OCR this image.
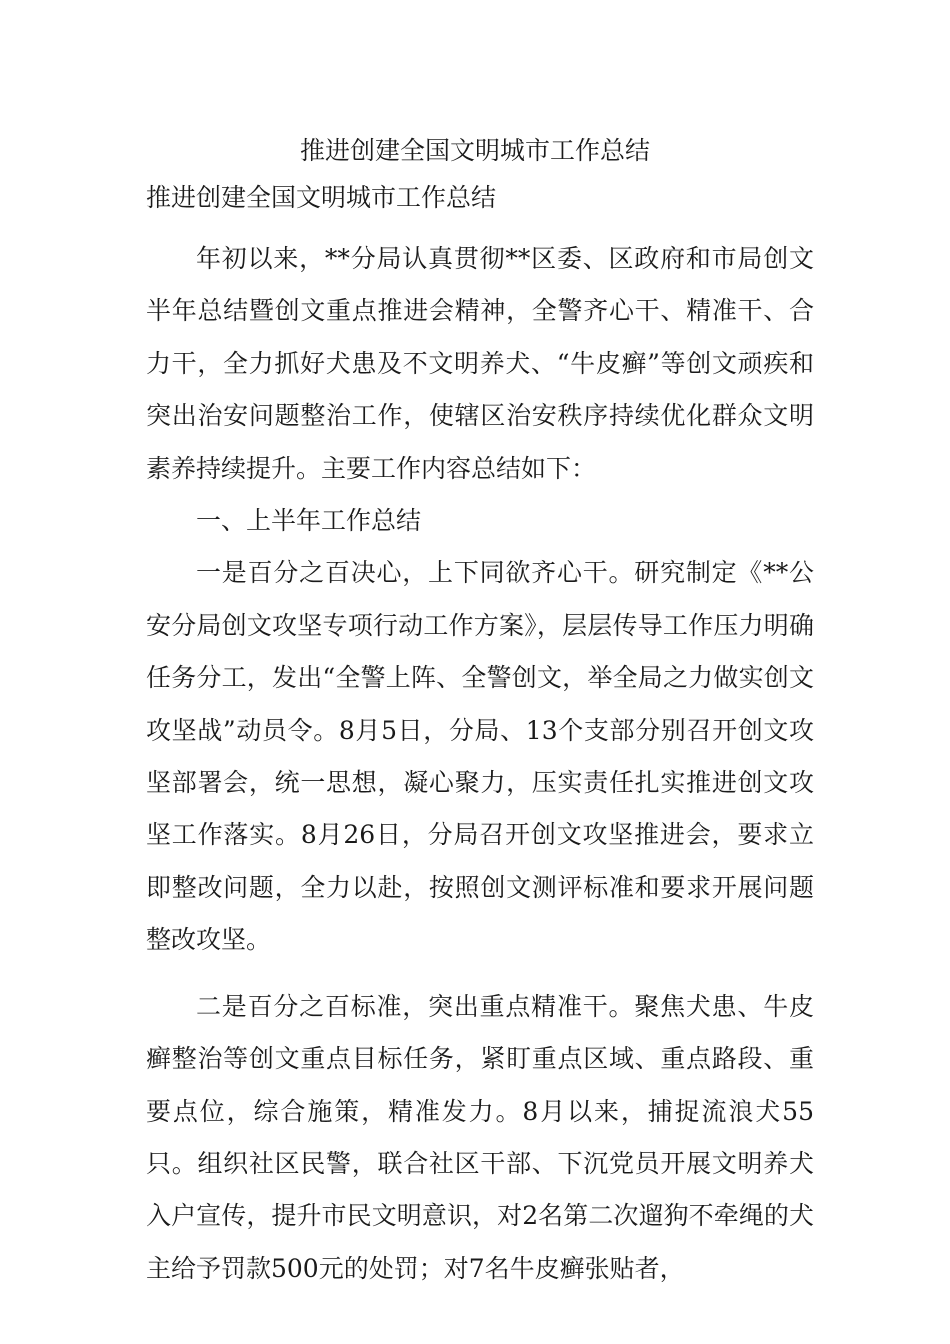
推进创建全国文明城市工作总结
推进创建全国文明城市工作总结

年初以来，**分局认真贯彻**区委、区政府和市局创文半年总结暨创文重点推进会精神，全警齐心干、精准干、合力干，全力抓好犬患及不文明养犬、“牛皮癣”等创文顽疾和突出治安问题整治工作，使辖区治安秩序持续优化群众文明素养持续提升。主要工作内容总结如下：

一、上半年工作总结

一是百分之百决心，上下同欲齐心干。研究制定《**公安分局创文攻坚专项行动工作方案》，层层传导工作压力明确任务分工，发出“全警上阵、全警创文，举全局之力做实创文攻坚战”动员令。8月5日，分局、13个支部分别召开创文攻坚部署会，统一思想，凝心聚力，压实责任扎实推进创文攻坚工作落实。8月26日，分局召开创文攻坚推进会，要求立即整改问题，全力以赴，按照创文测评标准和要求开展问题整改攻坚。

二是百分之百标准，突出重点精准干。聚焦犬患、牛皮癣整治等创文重点目标任务，紧盯重点区域、重点路段、重要点位，综合施策，精准发力。8月以来，捕捉流浪犬55只。组织社区民警，联合社区干部、下沉党员开展文明养犬入户宣传，提升市民文明意识，对2名第二次遛狗不牵绳的犬主给予罚款500元的处罚；对7名牛皮癣张贴者，
